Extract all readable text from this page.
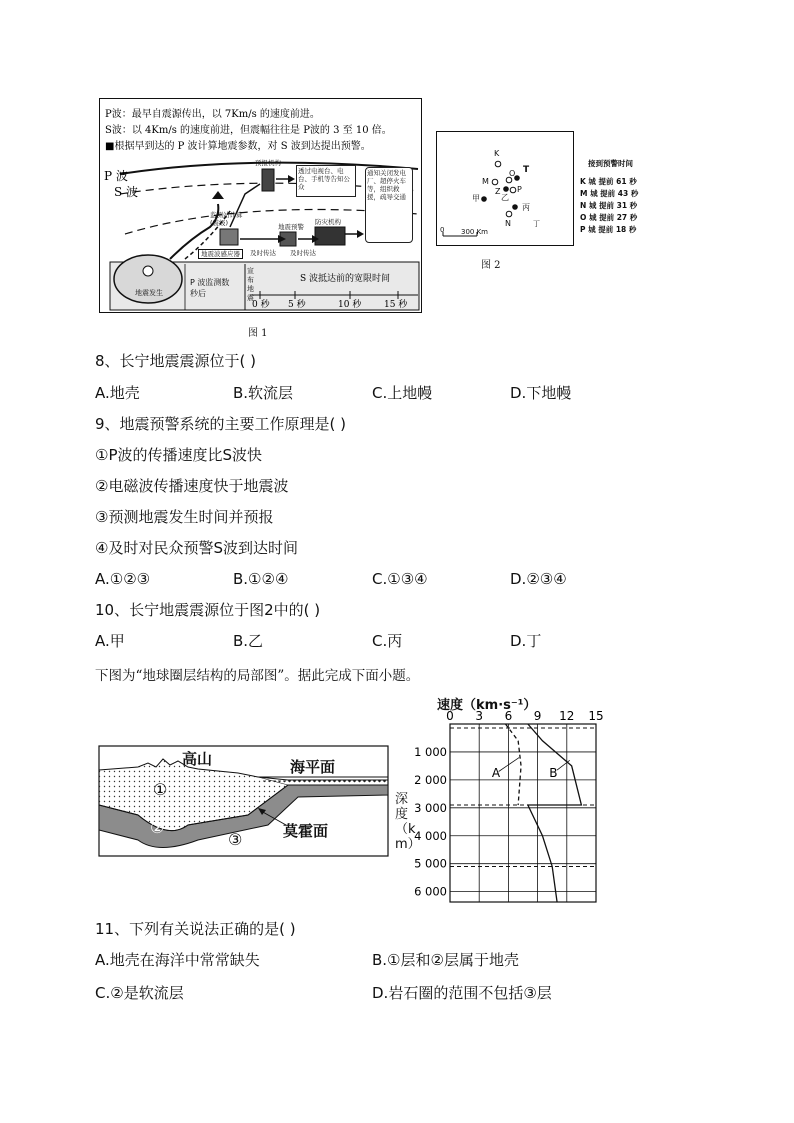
P波：最早自震源传出，以 7Km/s 的速度前进。
S波：以 4Km/s 的速度前进，但震幅往往是 P波的 3 至 10 倍。
■根据早到达的 P 波计算地震参数，对 S 波到达提出预警。
P 波
S 波
透过电视台、电台、手机等告知公众
通知关闭发电厂、超停火车等，组织救援，疏导交通
预报机构
监测站计算(震级)	地震预警
防灾机构
地震波感应器	及时传达 及时传达
地震发生
P 波监测数秒后
宣布地震
S 波抵达前的宽限时间
0 秒 5 秒	10 秒	15 秒
图 1
K
M
O T
Z P
甲	乙
丙
N	丁
0 300 Km
接到预警时间
K 城 提前 61 秒
M 城 提前 43 秒
N 城 提前 31 秒
O 城 提前 27 秒
P 城 提前 18 秒
图 2
8、长宁地震震源位于( )
A.地壳	B.软流层	C.上地幔	D.下地幔
9、地震预警系统的主要工作原理是( )
①P波的传播速度比S波快
②电磁波传播速度快于地震波
③预测地震发生时间并预报
④及时对民众预警S波到达时间
A.①②③	B.①②④	C.①③④	D.②③④
10、长宁地震震源位于图2中的( )
A.甲	B.乙	C.丙	D.丁
下图为“地球圈层结构的局部图”。据此完成下面小题。
高山	海平面
莫霍面
①
②
③
速度（km·s⁻¹）
0 3 6 9 12 15
1 000
2 000
3 000
4 000
5 000
6 000
A	B
深度（km）
11、下列有关说法正确的是( )
A.地壳在海洋中常常缺失	B.①层和②层属于地壳
C.②是软流层	D.岩石圈的范围不包括③层
